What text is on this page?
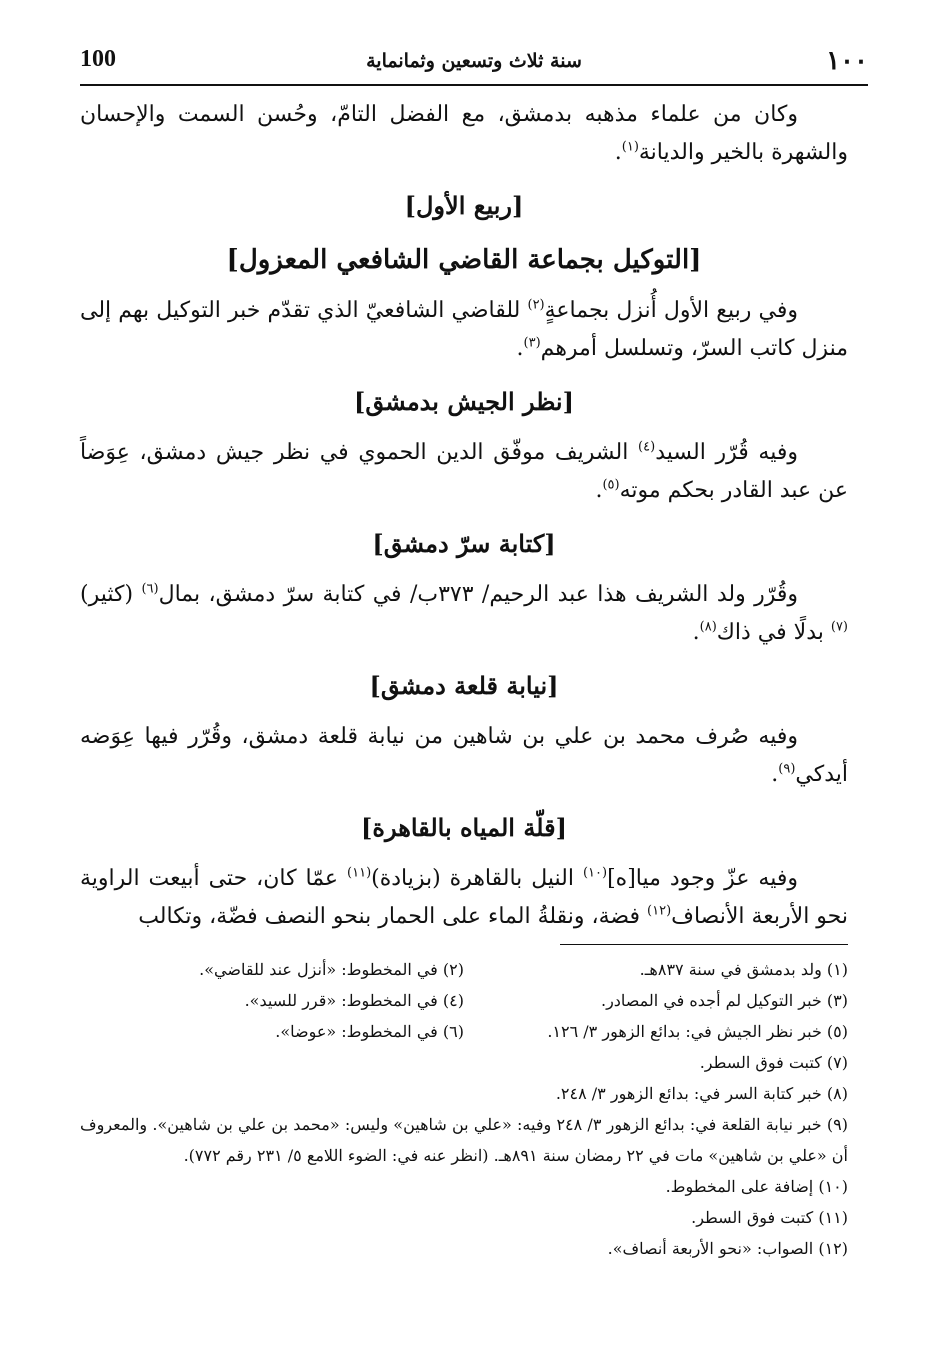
١٠٠
سنة ثلاث وتسعين وثمانماية
100

وكان من علماء مذهبه بدمشق، مع الفضل التامّ، وحُسن السمت والإحسان والشهرة بالخير والديانة$^{(١)}$.

[ربيع الأول]
[التوكيل بجماعة القاضي الشافعي المعزول]

وفي ربيع الأول أُنزل بجماعةٍ$^{(٢)}$ للقاضي الشافعيّ الذي تقدّم خبر التوكيل بهم إلى منزل كاتب السرّ، وتسلسل أمرهم$^{(٣)}$.

[نظر الجيش بدمشق]

وفيه قُرّر السيد$^{(٤)}$ الشريف موفّق الدين الحموي في نظر جيش دمشق، عِوَضاً عن عبد القادر بحكم موته$^{(٥)}$.

[كتابة سرّ دمشق]

وقُرّر ولد الشريف هذا عبد الرحيم/ ٣٧٣ب/ في كتابة سرّ دمشق، بمال$^{(٦)}$ (كثير)$^{(٧)}$ بدلًا في ذاك$^{(٨)}$.

[نيابة قلعة دمشق]

وفيه صُرف محمد بن علي بن شاهين من نيابة قلعة دمشق، وقُرّر فيها عِوَضه أيدكي$^{(٩)}$.

[قلّة المياه بالقاهرة]

وفيه عزّ وجود ميا[ه]$^{(١٠)}$ النيل بالقاهرة (بزيادة)$^{(١١)}$ عمّا كان، حتى أبيعت الراوية نحو الأربعة الأنصاف$^{(١٢)}$ فضة، ونقلةُ الماء على الحمار بنحو النصف فضّة، وتكالب

(١) ولد بدمشق في سنة ٨٣٧هـ.
(٢) في المخطوط: «أنزل عند للقاضي».
(٣) خبر التوكيل لم أجده في المصادر.
(٤) في المخطوط: «قرر للسيد».
(٥) خبر نظر الجيش في: بدائع الزهور ٣/ ١٢٦.
(٦) في المخطوط: «عوضا».

(٧) كتبت فوق السطر.

(٨) خبر كتابة السر في: بدائع الزهور ٣/ ٢٤٨.

(٩) خبر نيابة القلعة في: بدائع الزهور ٣/ ٢٤٨ وفيه: «علي بن شاهين» وليس: «محمد بن علي بن شاهين». والمعروف أن «علي بن شاهين» مات في ٢٢ رمضان سنة ٨٩١هـ. (انظر عنه في: الضوء اللامع ٥/ ٢٣١ رقم ٧٧٢).

(١٠) إضافة على المخطوط.

(١١) كتبت فوق السطر.

(١٢) الصواب: «نحو الأربعة أنصاف».
